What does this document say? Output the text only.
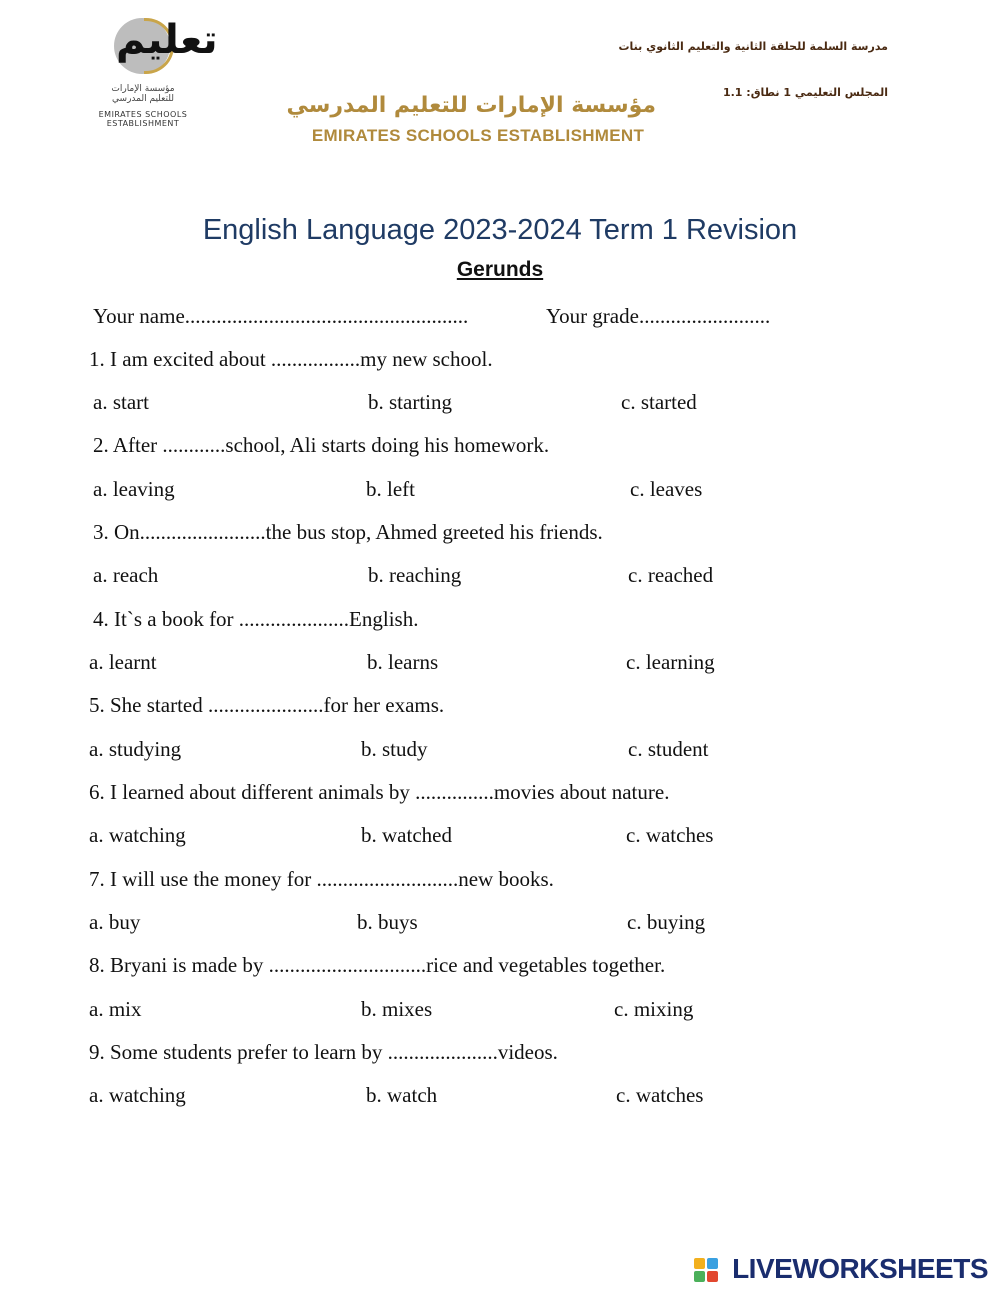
تعليم
مؤسسة الإمارات للتعليم المدرسي
EMIRATES SCHOOLS ESTABLISHMENT
مدرسة السلمة للحلقة الثانية والتعليم الثانوي بنات
المجلس التعليمي 1 نطاق: 1.1
مؤسسة الإمارات للتعليم المدرسي
EMIRATES SCHOOLS ESTABLISHMENT
English Language 2023-2024 Term 1 Revision
Gerunds
Your name......................................................	Your grade.........................
1. I am excited about .................my new school.
a. start	b. starting	c. started
2. After ............school, Ali starts doing his homework.
a. leaving	b. left	c. leaves
3. On........................the bus stop, Ahmed greeted his friends.
a. reach	b. reaching	c. reached
4. It`s a book for .....................English.
a. learnt	b. learns	c. learning
5. She started ......................for her exams.
a. studying	b. study	c. student
6. I learned about different animals by ...............movies about nature.
a. watching	b. watched	c. watches
7. I will use the money for ...........................new books.
a. buy	b. buys	c. buying
8. Bryani is made by ..............................rice and vegetables together.
a. mix	b. mixes	c. mixing
9. Some students prefer to learn by .....................videos.
a. watching	b. watch	c. watches
LIVEWORKSHEETS
